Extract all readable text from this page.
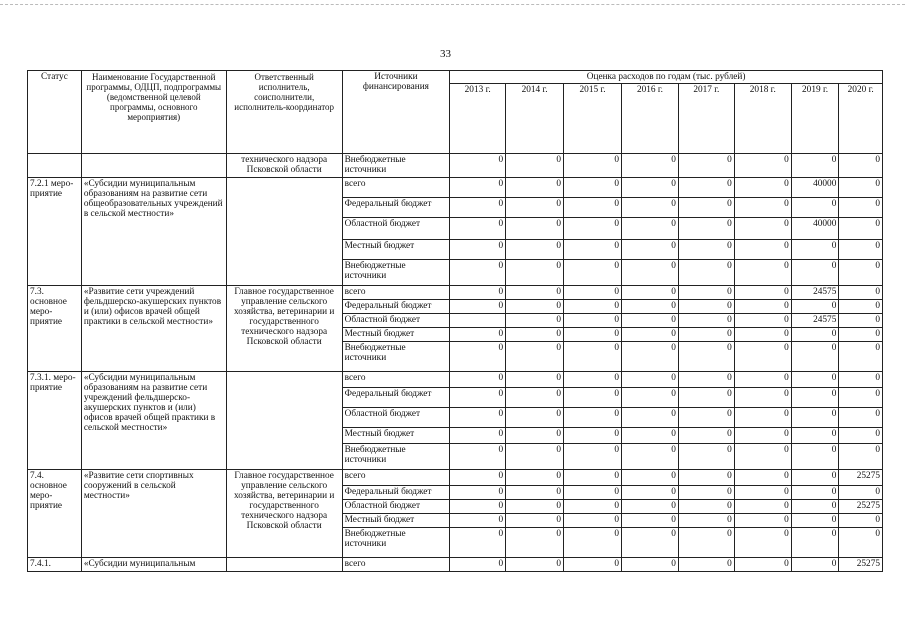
33
Статус	Наименование Государственной программы, ОДЦП, подпрограммы (ведомственной целевой программы, основного мероприятия)	Ответственный исполнитель, соисполнители, исполнитель-координатор	Источники финансирования	Оценка расходов по годам (тыс. рублей)							
				2013 г.	2014 г.	2015 г.	2016 г.	2017 г.	2018 г.	2019 г.	2020 г.
		технического надзора Псковской области	Внебюджетные источники	0	0	0	0	0	0	0	0
7.2.1 меро-приятие	«Субсидии муниципальным образованиям на развитие сети общеобразовательных учреждений в сельской местности»		всего	0	0	0	0	0	0	40000	0
			Федеральный бюджет	0	0	0	0	0	0	0	0
			Областной бюджет	0	0	0	0	0	0	40000	0
			Местный бюджет	0	0	0	0	0	0	0	0
			Внебюджетные источники	0	0	0	0	0	0	0	0
7.3. основное меро-приятие	«Развитие сети учреждений фельдшерско-акушерских пунктов и (или) офисов врачей общей практики в сельской местности»	Главное государственное управление сельского хозяйства, ветеринарии и государственного технического надзора Псковской области	всего	0	0	0	0	0	0	24575	0
			Федеральный бюджет	0	0	0	0	0	0	0	0
			Областной бюджет		0	0	0	0	0	24575	0
			Местный бюджет	0	0	0	0	0	0	0	0
			Внебюджетные источники	0	0	0	0	0	0	0	0
7.3.1. меро-приятие	«Субсидии муниципальным образованиям на развитие сети учреждений фельдшерско-акушерских пунктов и (или) офисов врачей общей практики в сельской местности»		всего	0	0	0	0	0	0	0	0
			Федеральный бюджет	0	0	0	0	0	0	0	0
			Областной бюджет	0	0	0	0	0	0	0	0
			Местный бюджет	0	0	0	0	0	0	0	0
			Внебюджетные источники	0	0	0	0	0	0	0	0
7.4. основное меро-приятие	«Развитие сети спортивных сооружений в сельской местности»	Главное государственное управление сельского хозяйства, ветеринарии и государственного технического надзора Псковской области	всего	0	0	0	0	0	0	0	25275
			Федеральный бюджет	0	0	0	0	0	0	0	0
			Областной бюджет	0	0	0	0	0	0	0	25275
			Местный бюджет	0	0	0	0	0	0	0	0
			Внебюджетные источники	0	0	0	0	0	0	0	0
7.4.1.	«Субсидии муниципальным		всего	0	0	0	0	0	0	0	25275
